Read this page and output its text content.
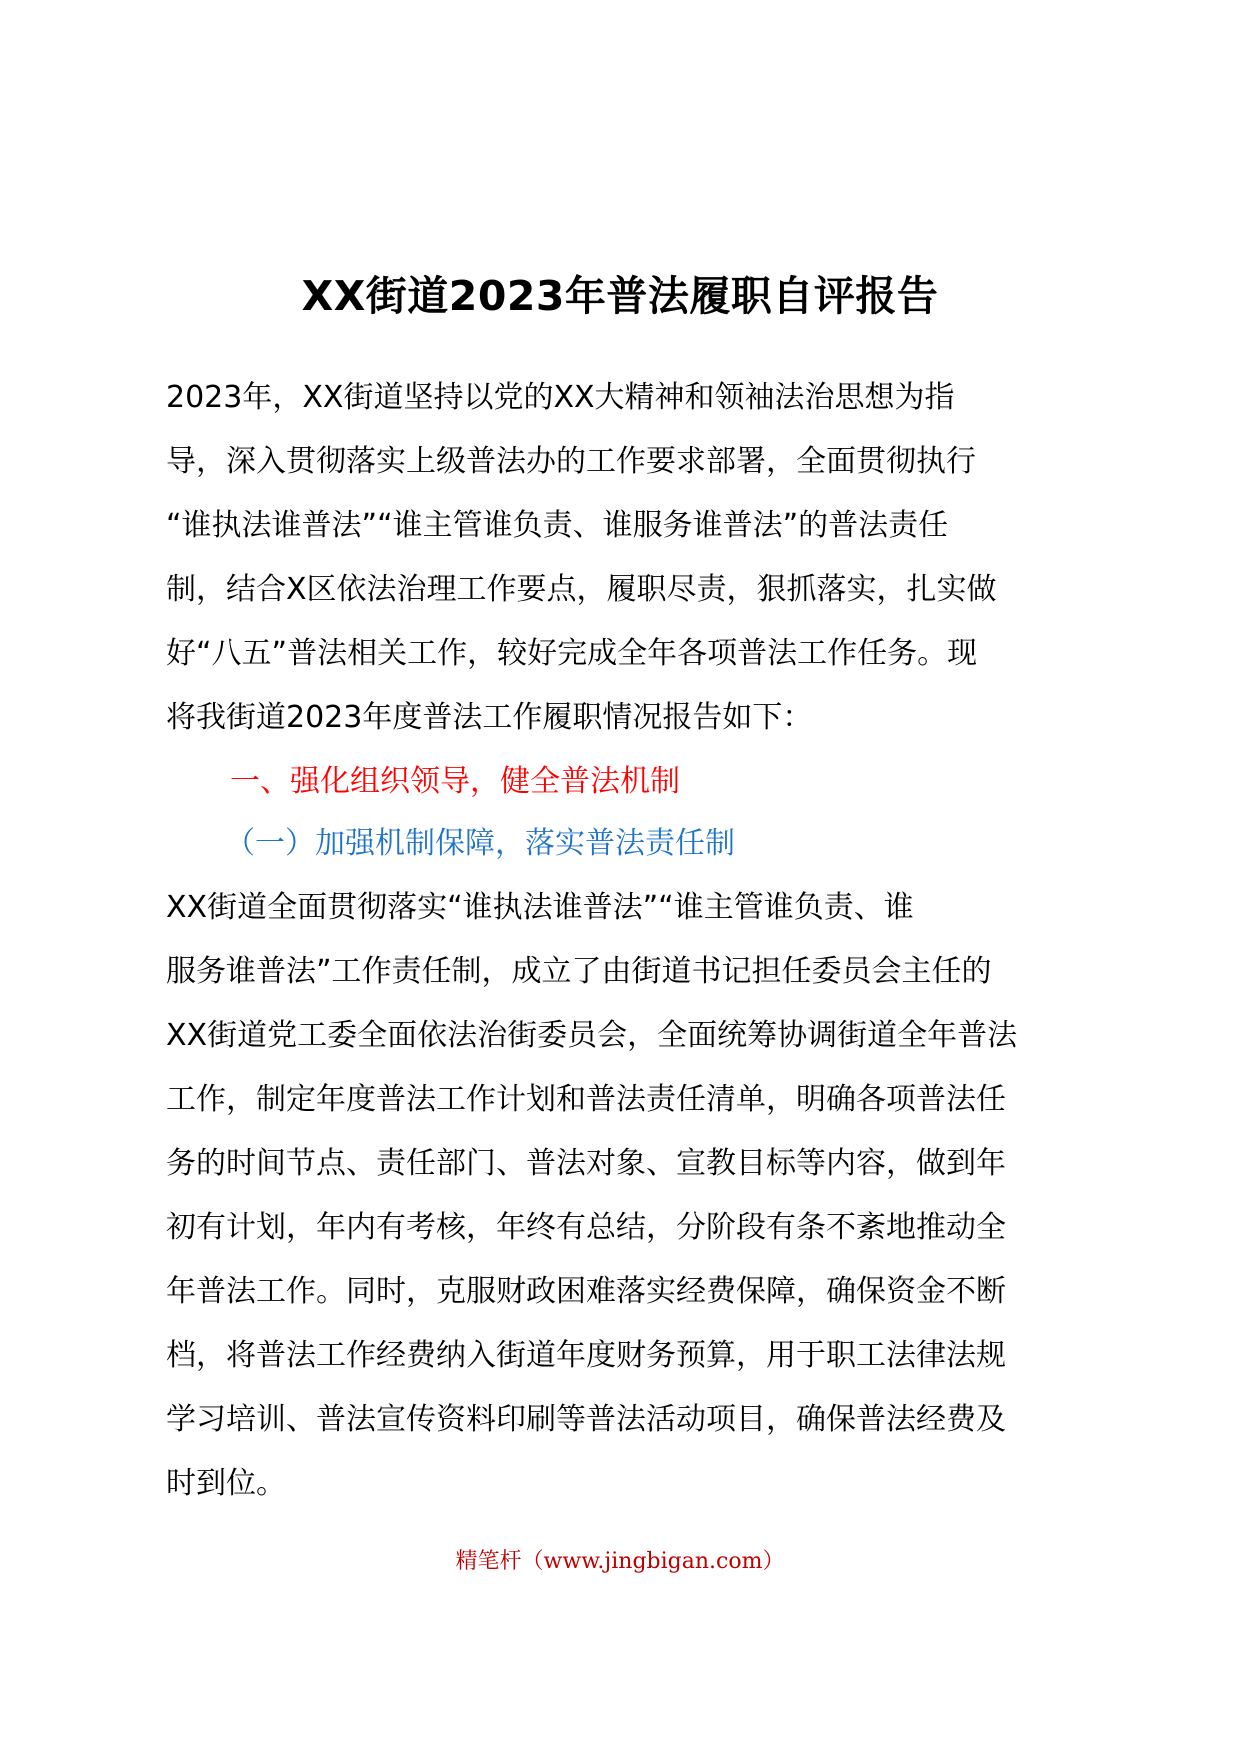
XX街道2023年普法履职自评报告
2023年，XX街道坚持以党的XX大精神和领袖法治思想为指
导，深入贯彻落实上级普法办的工作要求部署，全面贯彻执行
“谁执法谁普法”“谁主管谁负责、谁服务谁普法”的普法责任
制，结合X区依法治理工作要点，履职尽责，狠抓落实，扎实做
好“八五”普法相关工作，较好完成全年各项普法工作任务。现
将我街道2023年度普法工作履职情况报告如下：
一、强化组织领导，健全普法机制
（一）加强机制保障，落实普法责任制
XX街道全面贯彻落实“谁执法谁普法”“谁主管谁负责、谁
服务谁普法”工作责任制，成立了由街道书记担任委员会主任的
XX街道党工委全面依法治街委员会，全面统筹协调街道全年普法
工作，制定年度普法工作计划和普法责任清单，明确各项普法任
务的时间节点、责任部门、普法对象、宣教目标等内容，做到年
初有计划，年内有考核，年终有总结，分阶段有条不紊地推动全
年普法工作。同时，克服财政困难落实经费保障，确保资金不断
档，将普法工作经费纳入街道年度财务预算，用于职工法律法规
学习培训、普法宣传资料印刷等普法活动项目，确保普法经费及
时到位。
精笔杆（www.jingbigan.com）
